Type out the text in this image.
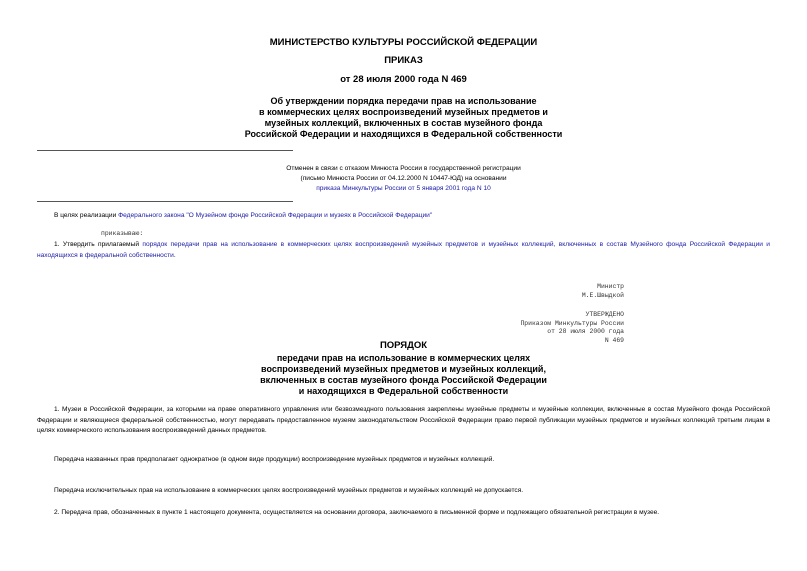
МИНИСТЕРСТВО КУЛЬТУРЫ РОССИЙСКОЙ ФЕДЕРАЦИИ
ПРИКАЗ
от 28 июля 2000 года N 469
Об утверждении порядка передачи прав на использование
в коммерческих целях воспроизведений музейных предметов и
музейных коллекций, включенных в состав музейного фонда
Российской Федерации и находящихся в Федеральной собственности
Отменен в связи с отказом Минюста России в государственной регистрации
(письмо Минюста России от 04.12.2000 N 10447-ЮД) на основании
приказа Минкультуры России от 5 января 2001 года N 10
В целях реализации Федерального закона "О Музейном фонде Российской Федерации и музеях в Российской Федерации"
приказываю:
1. Утвердить прилагаемый порядок передачи прав на использование в коммерческих целях воспроизведений музейных предметов и музейных коллекций, включенных в состав Музейного фонда Российской Федерации и находящихся в федеральной собственности.
Министр
М.Е.Швыдкой
УТВЕРЖДЕНО
Приказом Минкультуры России
от 28 июля 2000 года
N 469
ПОРЯДОК
передачи прав на использование в коммерческих целях
воспроизведений музейных предметов и музейных коллекций,
включенных в состав музейного фонда Российской Федерации
и находящихся в Федеральной собственности
1. Музеи в Российской Федерации, за которыми на праве оперативного управления или безвозмездного пользования закреплены музейные предметы и музейные коллекции, включенные в состав Музейного фонда Российской Федерации и являющиеся федеральной собственностью, могут передавать предоставленное музеям законодательством Российской Федерации право первой публикации музейных предметов и музейных коллекций третьим лицам в целях коммерческого использования воспроизведений данных предметов.
Передача названных прав предполагает однократное (в одном виде продукции) воспроизведение музейных предметов и музейных коллекций.
Передача исключительных прав на использование в коммерческих целях воспроизведений музейных предметов и музейных коллекций не допускается.
2. Передача прав, обозначенных в пункте 1 настоящего документа, осуществляется на основании договора, заключаемого в письменной форме и подлежащего обязательной регистрации в музее.
